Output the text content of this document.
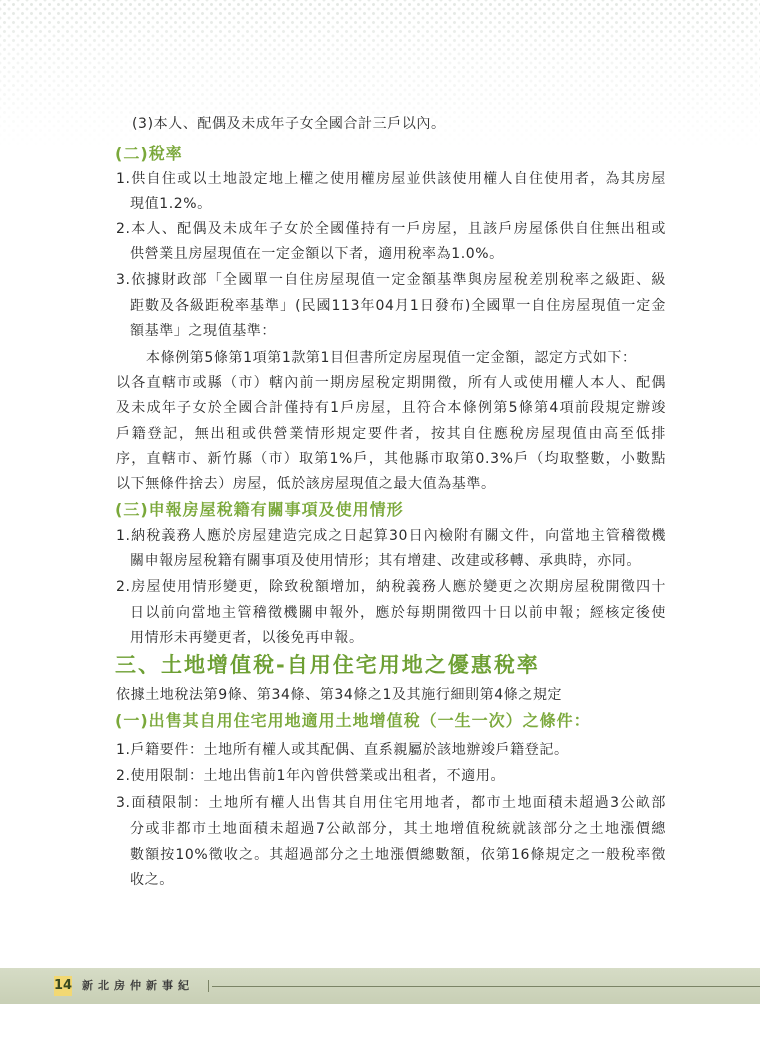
(3)本人、配偶及未成年子女全國合計三戶以內。
(二)稅率
1.供自住或以土地設定地上權之使用權房屋並供該使用權人自住使用者，為其房屋
現值1.2%。
2.本人、配偶及未成年子女於全國僅持有一戶房屋，且該戶房屋係供自住無出租或
供營業且房屋現值在一定金額以下者，適用稅率為1.0%。
3.依據財政部「全國單一自住房屋現值一定金額基準與房屋稅差別稅率之級距、級
距數及各級距稅率基準」(民國113年04月1日發布)全國單一自住房屋現值一定金
額基準」之現值基準：
本條例第5條第1項第1款第1目但書所定房屋現值一定金額，認定方式如下：
以各直轄市或縣（市）轄內前一期房屋稅定期開徵，所有人或使用權人本人、配偶
及未成年子女於全國合計僅持有1戶房屋，且符合本條例第5條第4項前段規定辦竣
戶籍登記，無出租或供營業情形規定要件者，按其自住應稅房屋現值由高至低排
序，直轄市、新竹縣（市）取第1%戶，其他縣市取第0.3%戶（均取整數，小數點
以下無條件捨去）房屋，低於該房屋現值之最大值為基準。
(三)申報房屋稅籍有關事項及使用情形
1.納稅義務人應於房屋建造完成之日起算30日內檢附有關文件，向當地主管稽徵機
關申報房屋稅籍有關事項及使用情形；其有增建、改建或移轉、承典時，亦同。
2.房屋使用情形變更，除致稅額增加，納稅義務人應於變更之次期房屋稅開徵四十
日以前向當地主管稽徵機關申報外，應於每期開徵四十日以前申報；經核定後使
用情形未再變更者，以後免再申報。
三、土地增值稅-自用住宅用地之優惠稅率
依據土地稅法第9條、第34條、第34條之1及其施行細則第4條之規定
(一)出售其自用住宅用地適用土地增值稅（一生一次）之條件：
1.戶籍要件：土地所有權人或其配偶、直系親屬於該地辦竣戶籍登記。
2.使用限制：土地出售前1年內曾供營業或出租者，不適用。
3.面積限制：土地所有權人出售其自用住宅用地者，都市土地面積未超過3公畝部
分或非都市土地面積未超過7公畝部分，其土地增值稅統就該部分之土地漲價總
數額按10%徵收之。其超過部分之土地漲價總數額，依第16條規定之一般稅率徵
收之。
14 新北房仲新事紀
